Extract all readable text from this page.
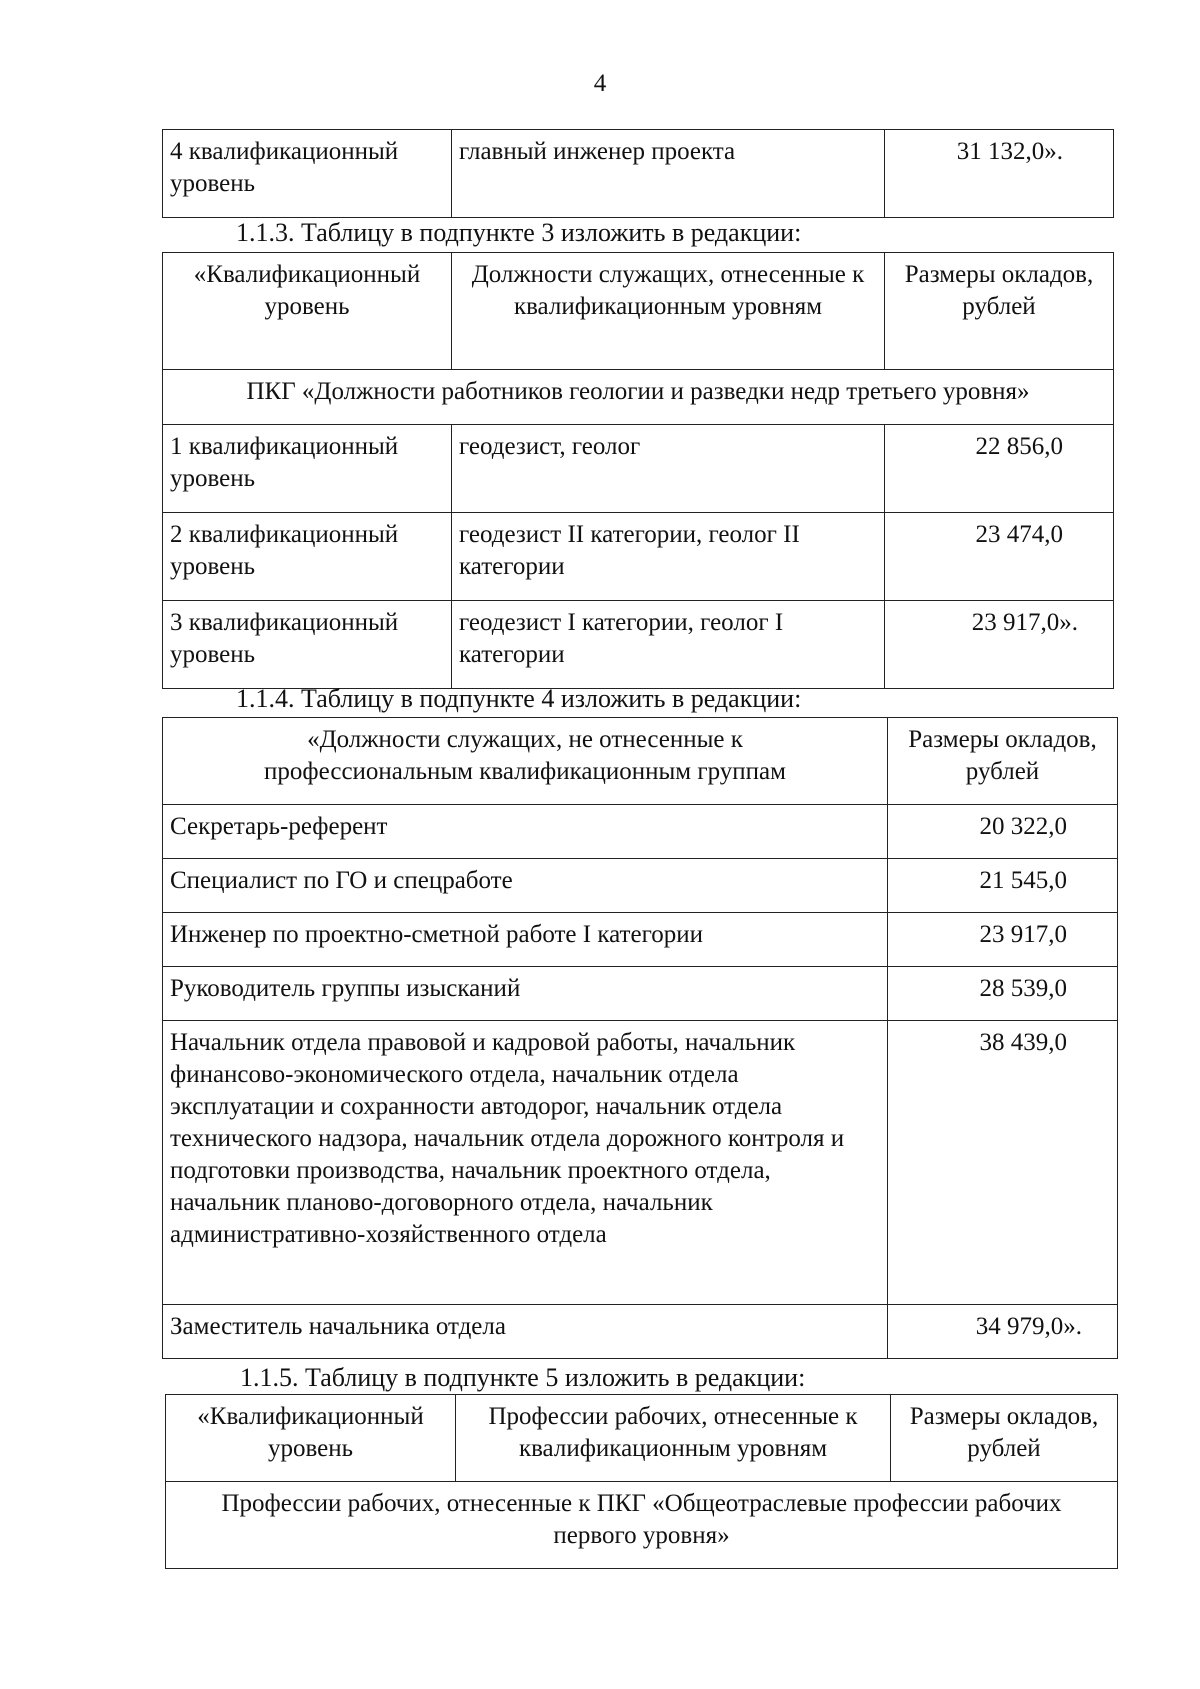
4
4 квалификационный уровень	главный инженер проекта	31 132,0».
1.1.3. Таблицу в подпункте 3 изложить в редакции:
«Квалификационный уровень	Должности служащих, отнесенные к квалификационным уровням	Размеры окладов, рублей
ПКГ «Должности работников геологии и разведки недр третьего уровня»		
1 квалификационный уровень	геодезист, геолог	22 856,0
2 квалификационный уровень	геодезист II категории, геолог II категории	23 474,0
3 квалификационный уровень	геодезист I категории, геолог I категории	23 917,0».
1.1.4. Таблицу в подпункте 4 изложить в редакции:
«Должности служащих, не отнесенные к профессиональным квалификационным группам	Размеры окладов, рублей
Секретарь-референт	20 322,0
Специалист по ГО и спецработе	21 545,0
Инженер по проектно-сметной работе I категории	23 917,0
Руководитель группы изысканий	28 539,0
Начальник отдела правовой и кадровой работы, начальник финансово-экономического отдела, начальник отдела эксплуатации и сохранности автодорог, начальник отдела технического надзора, начальник отдела дорожного контроля и подготовки производства, начальник проектного отдела, начальник планово-договорного отдела, начальник административно-хозяйственного отдела	38 439,0
Заместитель начальника отдела	34 979,0».
1.1.5. Таблицу в подпункте 5 изложить в редакции:
«Квалификационный уровень	Профессии рабочих, отнесенные к квалификационным уровням	Размеры окладов, рублей
Профессии рабочих, отнесенные к ПКГ «Общеотраслевые профессии рабочих первого уровня»
